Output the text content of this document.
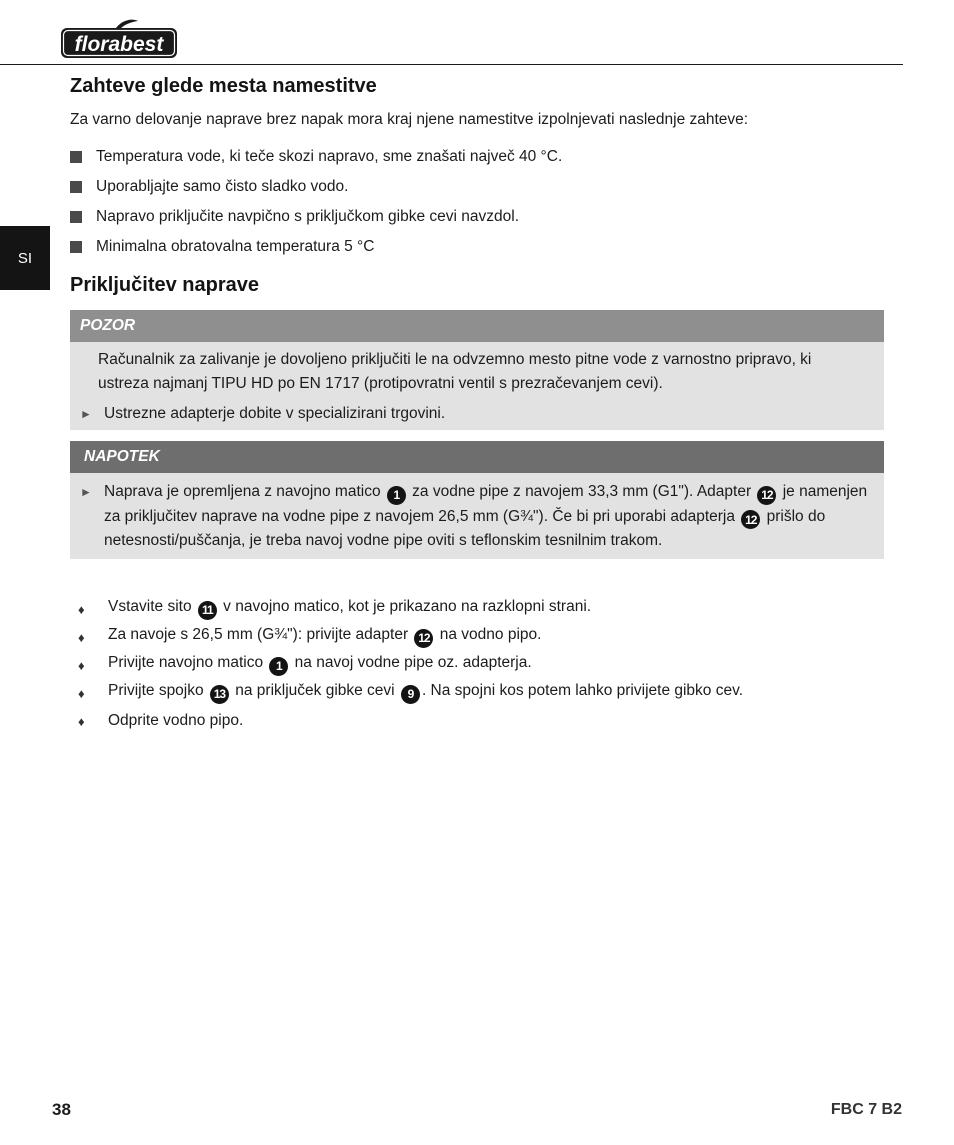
florabest
SI
Zahteve glede mesta namestitve

Za varno delovanje naprave brez napak mora kraj njene namestitve izpolnjevati naslednje zahteve:

Temperatura vode, ki teče skozi napravo, sme znašati največ 40 °C.
Uporabljajte samo čisto sladko vodo.
Napravo priključite navpično s priključkom gibke cevi navzdol.
Minimalna obratovalna temperatura 5 °C
Priključitev naprave
POZOR

Računalnik za zalivanje je dovoljeno priključiti le na odvzemno mesto pitne vode z varnostno pripravo, ki ustreza najmanj TIPU HD po EN 1717 (protipovratni ventil s prezračevanjem cevi).

► Ustrezne adapterje dobite v specializirani trgovini.

NAPOTEK

► Naprava je opremljena z navojno matico 1 za vodne pipe z navojem 33,3 mm (G1"). Adapter 12 je namenjen za priključitev naprave na vodne pipe z navojem 26,5 mm (G¾"). Če bi pri uporabi adapterja 12 prišlo do netesnosti/puščanja, je treba navoj vodne pipe oviti s teflonskim tesnilnim trakom.

♦	Vstavite sito 11 v navojno matico, kot je prikazano na razklopni strani.
♦	Za navoje s 26,5 mm (G¾"): privijte adapter 12 na vodno pipo.
♦	Privijte navojno matico 1 na navoj vodne pipe oz. adapterja.
♦	Privijte spojko 13 na priključek gibke cevi 9 . Na spojni kos potem lahko privijete gibko cev.
♦	Odprite vodno pipo.
38	FBC 7 B2
